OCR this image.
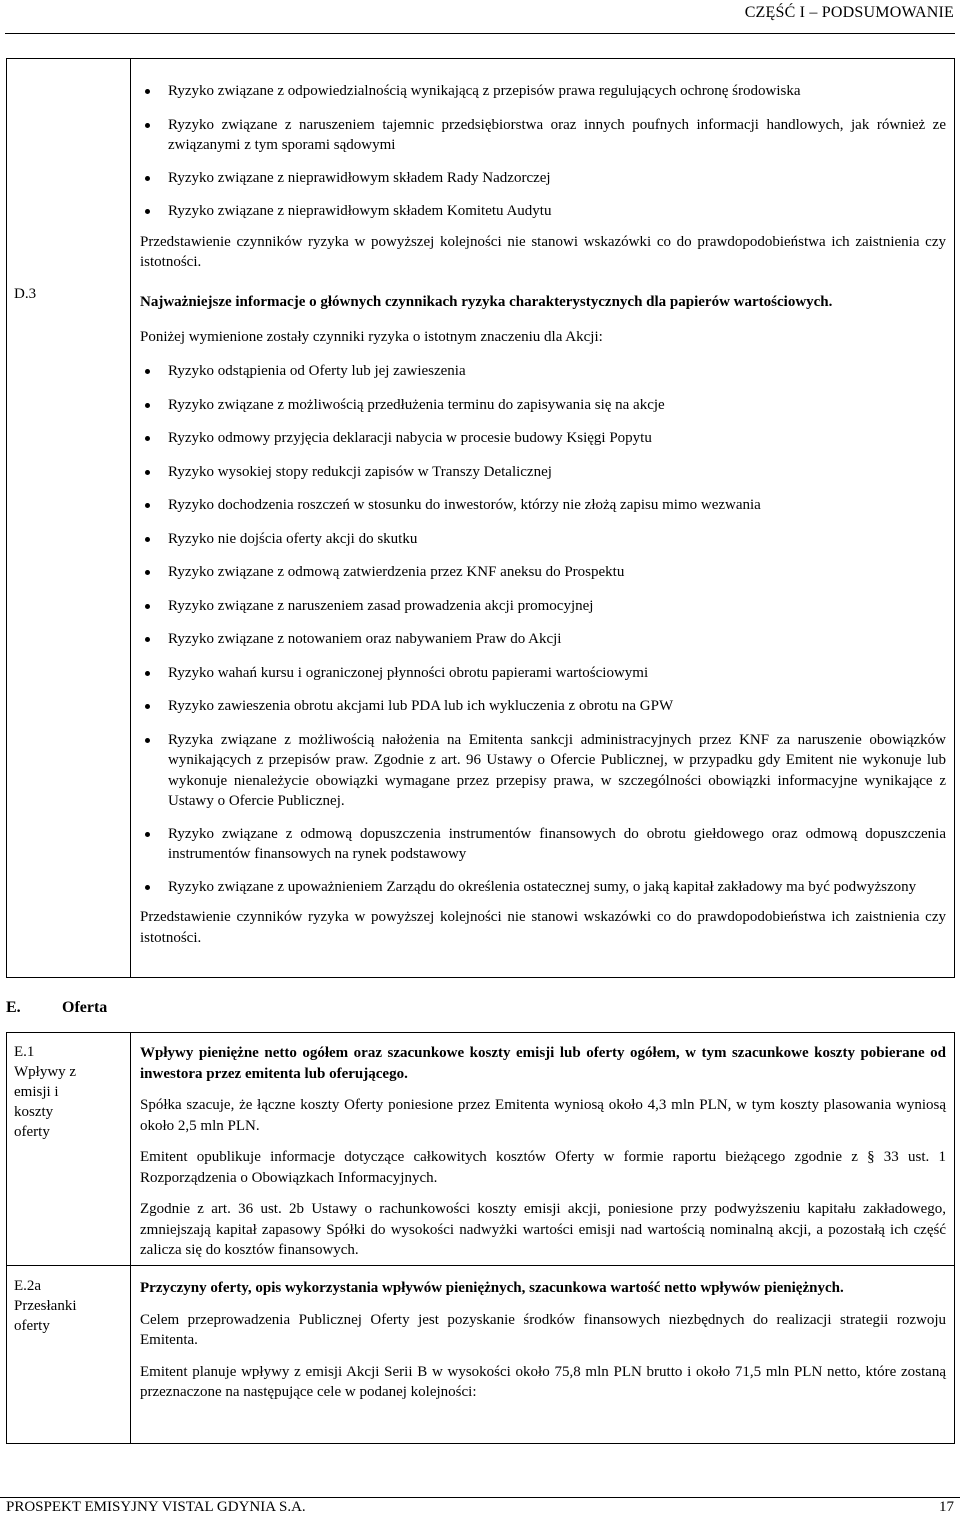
CZĘŚĆ I – PODSUMOWANIE
D.3
Ryzyko związane z odpowiedzialnością wynikającą z przepisów prawa regulujących ochronę środowiska
Ryzyko związane z naruszeniem tajemnic przedsiębiorstwa oraz innych poufnych informacji handlowych, jak również ze związanymi z tym sporami sądowymi
Ryzyko związane z nieprawidłowym składem Rady Nadzorczej
Ryzyko związane z nieprawidłowym składem Komitetu Audytu

Przedstawienie czynników ryzyka w powyższej kolejności nie stanowi wskazówki co do prawdopodobieństwa ich zaistnienia czy istotności.

Najważniejsze informacje o głównych czynnikach ryzyka charakterystycznych dla papierów wartościowych.

Poniżej wymienione zostały czynniki ryzyka o istotnym znaczeniu dla Akcji:

Ryzyko odstąpienia od Oferty lub jej zawieszenia
Ryzyko związane z możliwością przedłużenia terminu do zapisywania się na akcje
Ryzyko odmowy przyjęcia deklaracji nabycia w procesie budowy Księgi Popytu
Ryzyko wysokiej stopy redukcji zapisów w Transzy Detalicznej
Ryzyko dochodzenia roszczeń w stosunku do inwestorów, którzy nie złożą zapisu mimo wezwania
Ryzyko nie dojścia oferty akcji do skutku
Ryzyko związane z odmową zatwierdzenia przez KNF aneksu do Prospektu
Ryzyko związane z naruszeniem zasad prowadzenia akcji promocyjnej
Ryzyko związane z notowaniem oraz nabywaniem Praw do Akcji
Ryzyko wahań kursu i ograniczonej płynności obrotu papierami wartościowymi
Ryzyko zawieszenia obrotu akcjami lub PDA lub ich wykluczenia z obrotu na GPW
Ryzyka związane z możliwością nałożenia na Emitenta sankcji administracyjnych przez KNF za naruszenie obowiązków wynikających z przepisów praw. Zgodnie z art. 96 Ustawy o Ofercie Publicznej, w przypadku gdy Emitent nie wykonuje lub wykonuje nienależycie obowiązki wymagane przez przepisy prawa, w szczególności obowiązki informacyjne wynikające z Ustawy o Ofercie Publicznej.
Ryzyko związane z odmową dopuszczenia instrumentów finansowych do obrotu giełdowego oraz odmową dopuszczenia instrumentów finansowych na rynek podstawowy
Ryzyko związane z upoważnieniem Zarządu do określenia ostatecznej sumy, o jaką kapitał zakładowy ma być podwyższony

Przedstawienie czynników ryzyka w powyższej kolejności nie stanowi wskazówki co do prawdopodobieństwa ich zaistnienia czy istotności.

E.	Oferta
E.1
Wpływy z emisji i koszty oferty

Wpływy pieniężne netto ogółem oraz szacunkowe koszty emisji lub oferty ogółem, w tym szacunkowe koszty pobierane od inwestora przez emitenta lub oferującego.

Spółka szacuje, że łączne koszty Oferty poniesione przez Emitenta wyniosą około 4,3 mln PLN, w tym koszty plasowania wyniosą około 2,5 mln PLN.

Emitent opublikuje informacje dotyczące całkowitych kosztów Oferty w formie raportu bieżącego zgodnie z § 33 ust. 1 Rozporządzenia o Obowiązkach Informacyjnych.

Zgodnie z art. 36 ust. 2b Ustawy o rachunkowości koszty emisji akcji, poniesione przy podwyższeniu kapitału zakładowego, zmniejszają kapitał zapasowy Spółki do wysokości nadwyżki wartości emisji nad wartością nominalną akcji, a pozostałą ich część zalicza się do kosztów finansowych.

E.2a
Przesłanki oferty

Przyczyny oferty, opis wykorzystania wpływów pieniężnych, szacunkowa wartość netto wpływów pieniężnych.

Celem przeprowadzenia Publicznej Oferty jest pozyskanie środków finansowych niezbędnych do realizacji strategii rozwoju Emitenta.

Emitent planuje wpływy z emisji Akcji Serii B w wysokości około 75,8 mln PLN brutto i około 71,5 mln PLN netto, które zostaną przeznaczone na następujące cele w podanej kolejności:

PROSPEKT EMISYJNY VISTAL GDYNIA S.A.	17
